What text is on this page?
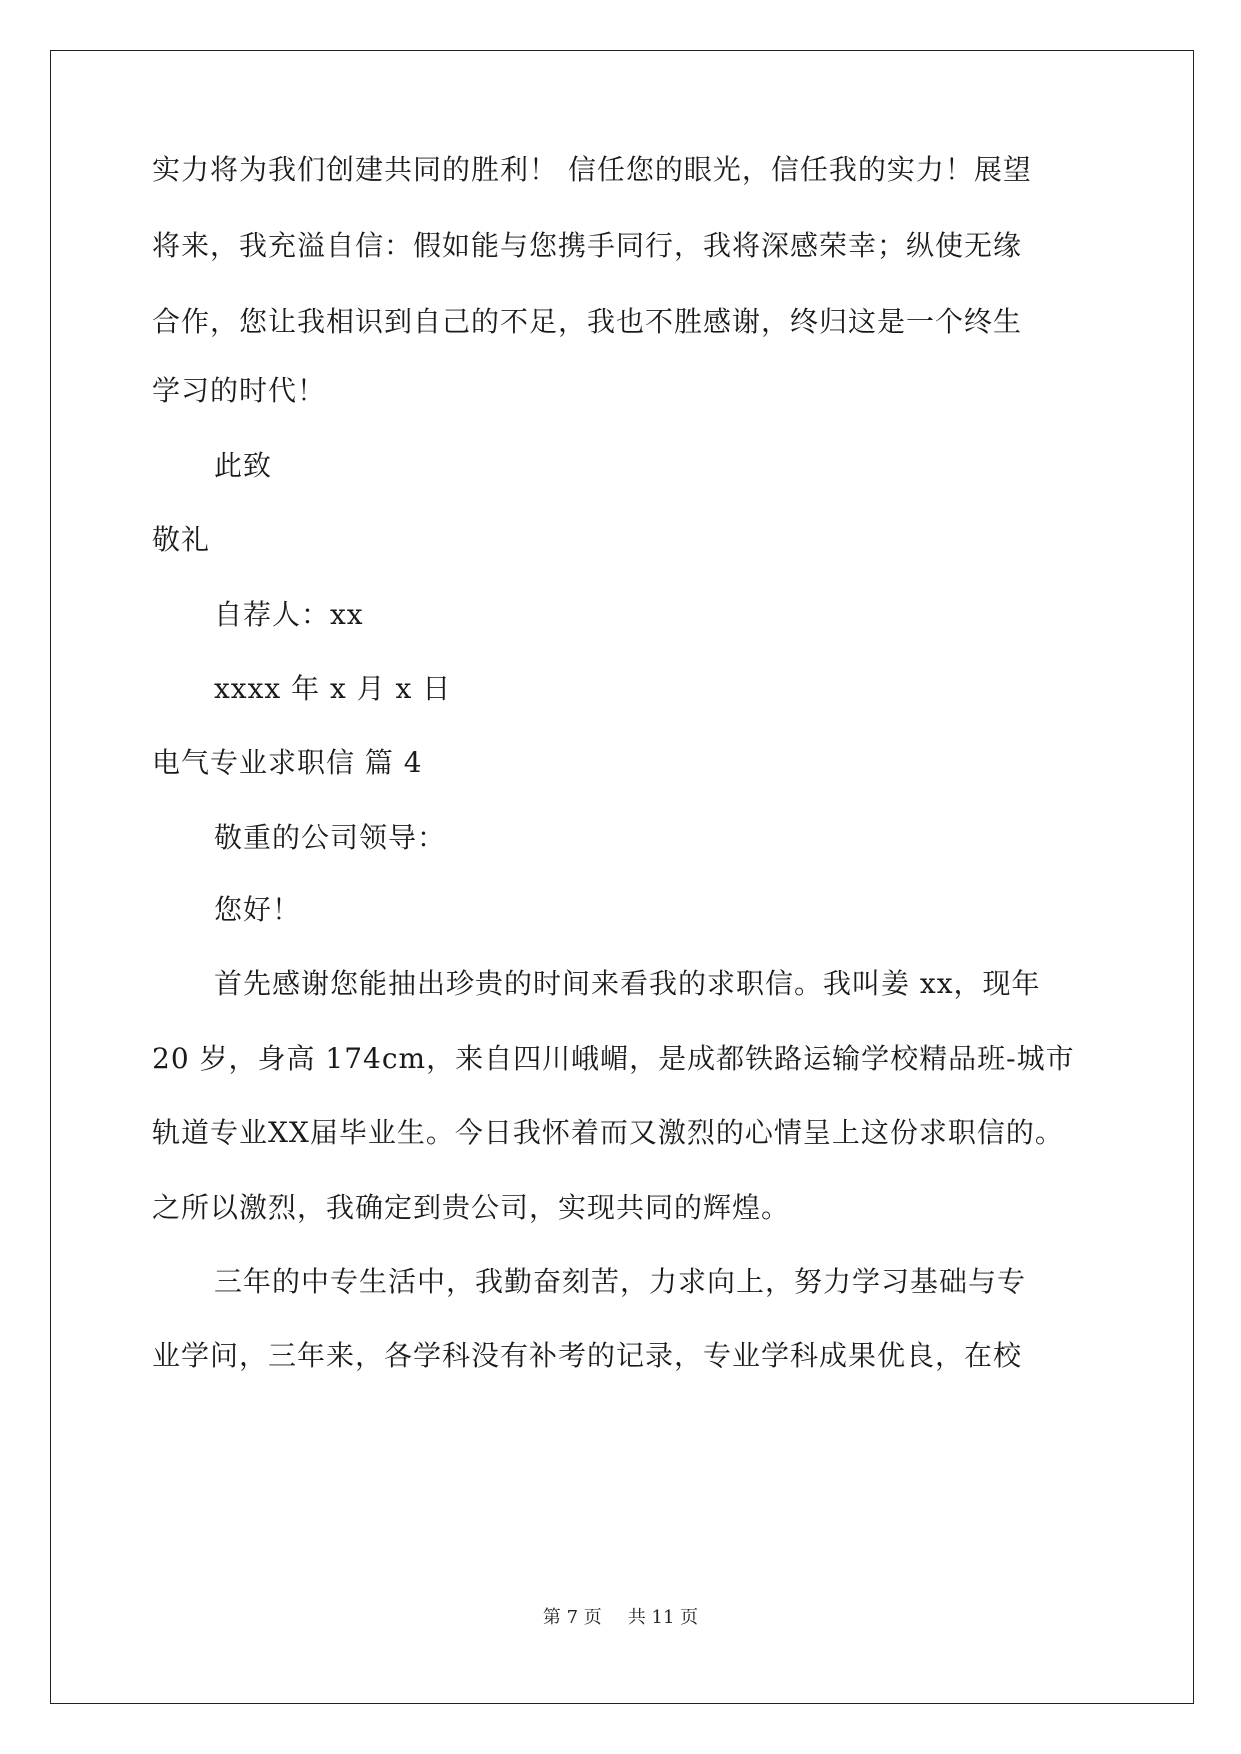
实力将为我们创建共同的胜利！ 信任您的眼光，信任我的实力！展望
将来，我充溢自信：假如能与您携手同行，我将深感荣幸；纵使无缘
合作，您让我相识到自己的不足，我也不胜感谢，终归这是一个终生
学习的时代！
此致
敬礼
自荐人：xx
xxxx 年 x 月 x 日
电气专业求职信 篇 4
敬重的公司领导：
您好！
首先感谢您能抽出珍贵的时间来看我的求职信。我叫姜 xx，现年
20 岁，身高 174cm，来自四川峨嵋，是成都铁路运输学校精品班-城市
轨道专业XX届毕业生。今日我怀着而又激烈的心情呈上这份求职信的。
之所以激烈，我确定到贵公司，实现共同的辉煌。
三年的中专生活中，我勤奋刻苦，力求向上，努力学习基础与专
业学问，三年来，各学科没有补考的记录，专业学科成果优良，在校
第 7 页 共 11 页
